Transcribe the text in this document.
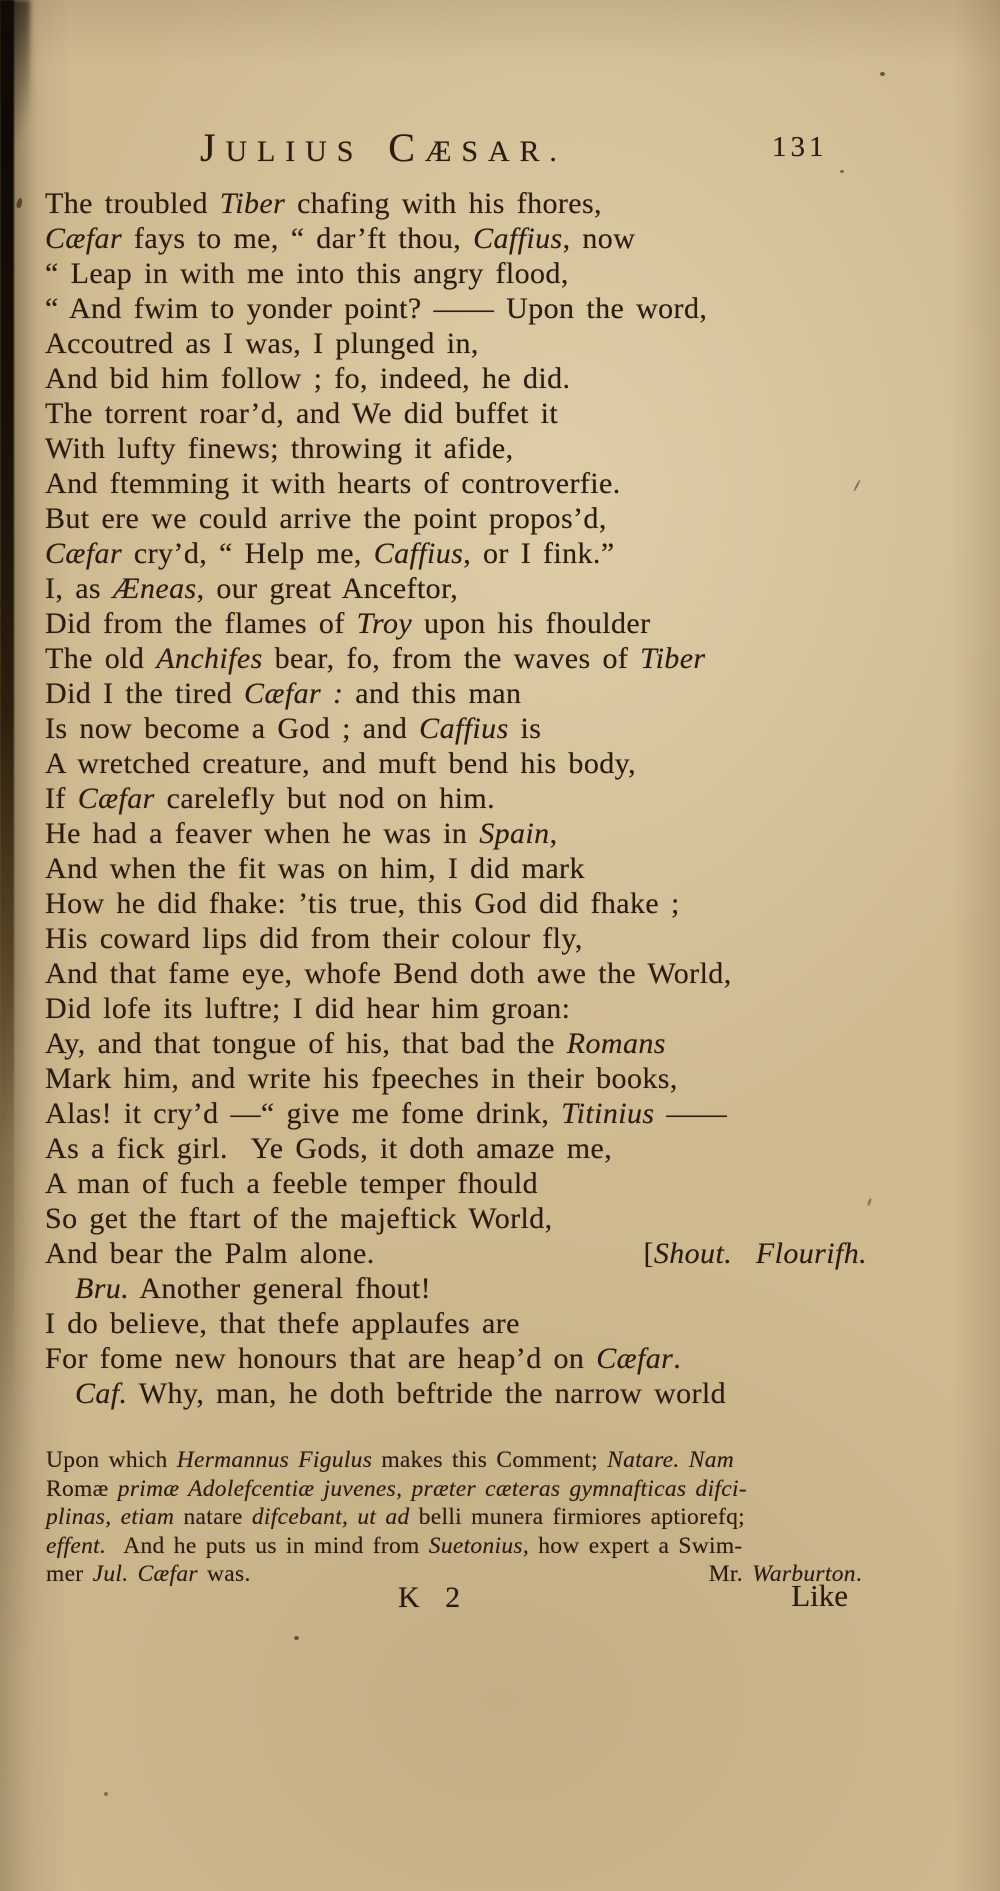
JULIUS CÆSAR.	131
The troubled Tiber chafing with his fhores,
Cæfar fays to me, “ dar’ft thou, Caffius, now
“ Leap in with me into this angry flood,
“ And fwim to yonder point? —— Upon the word,
Accoutred as I was, I plunged in,
And bid him follow ; fo, indeed, he did.
The torrent roar’d, and We did buffet it
With lufty finews; throwing it afide,
And ftemming it with hearts of controverfie.
But ere we could arrive the point propos’d,
Cæfar cry’d, “ Help me, Caffius, or I fink.”
I, as Æneas, our great Anceftor,
Did from the flames of Troy upon his fhoulder
The old Anchifes bear, fo, from the waves of Tiber
Did I the tired Cæfar : and this man
Is now become a God ; and Caffius is
A wretched creature, and muft bend his body,
If Cæfar carelefly but nod on him.
He had a feaver when he was in Spain,
And when the fit was on him, I did mark
How he did fhake: ’tis true, this God did fhake ;
His coward lips did from their colour fly,
And that fame eye, whofe Bend doth awe the World,
Did lofe its luftre; I did hear him groan:
Ay, and that tongue of his, that bad the Romans
Mark him, and write his fpeeches in their books,
Alas! it cry’d —“ give me fome drink, Titinius ——
As a fick girl.  Ye Gods, it doth amaze me,
A man of fuch a feeble temper fhould
So get the ftart of the majeftick World,
And bear the Palm alone.	[Shout.  Flourifh.
Bru. Another general fhout!
I do believe, that thefe applaufes are
For fome new honours that are heap’d on Cæfar.
Caf. Why, man, he doth beftride the narrow world
Upon which Hermannus Figulus makes this Comment; Natare. Nam
Romæ primæ Adolefcentiæ juvenes, præter cæteras gymnafticas difci-
plinas, etiam natare difcebant, ut ad belli munera firmiores aptiorefq;
effent.  And he puts us in mind from Suetonius, how expert a Swim-
mer Jul. Cæfar was.	Mr. Warburton.
K 2	Like
